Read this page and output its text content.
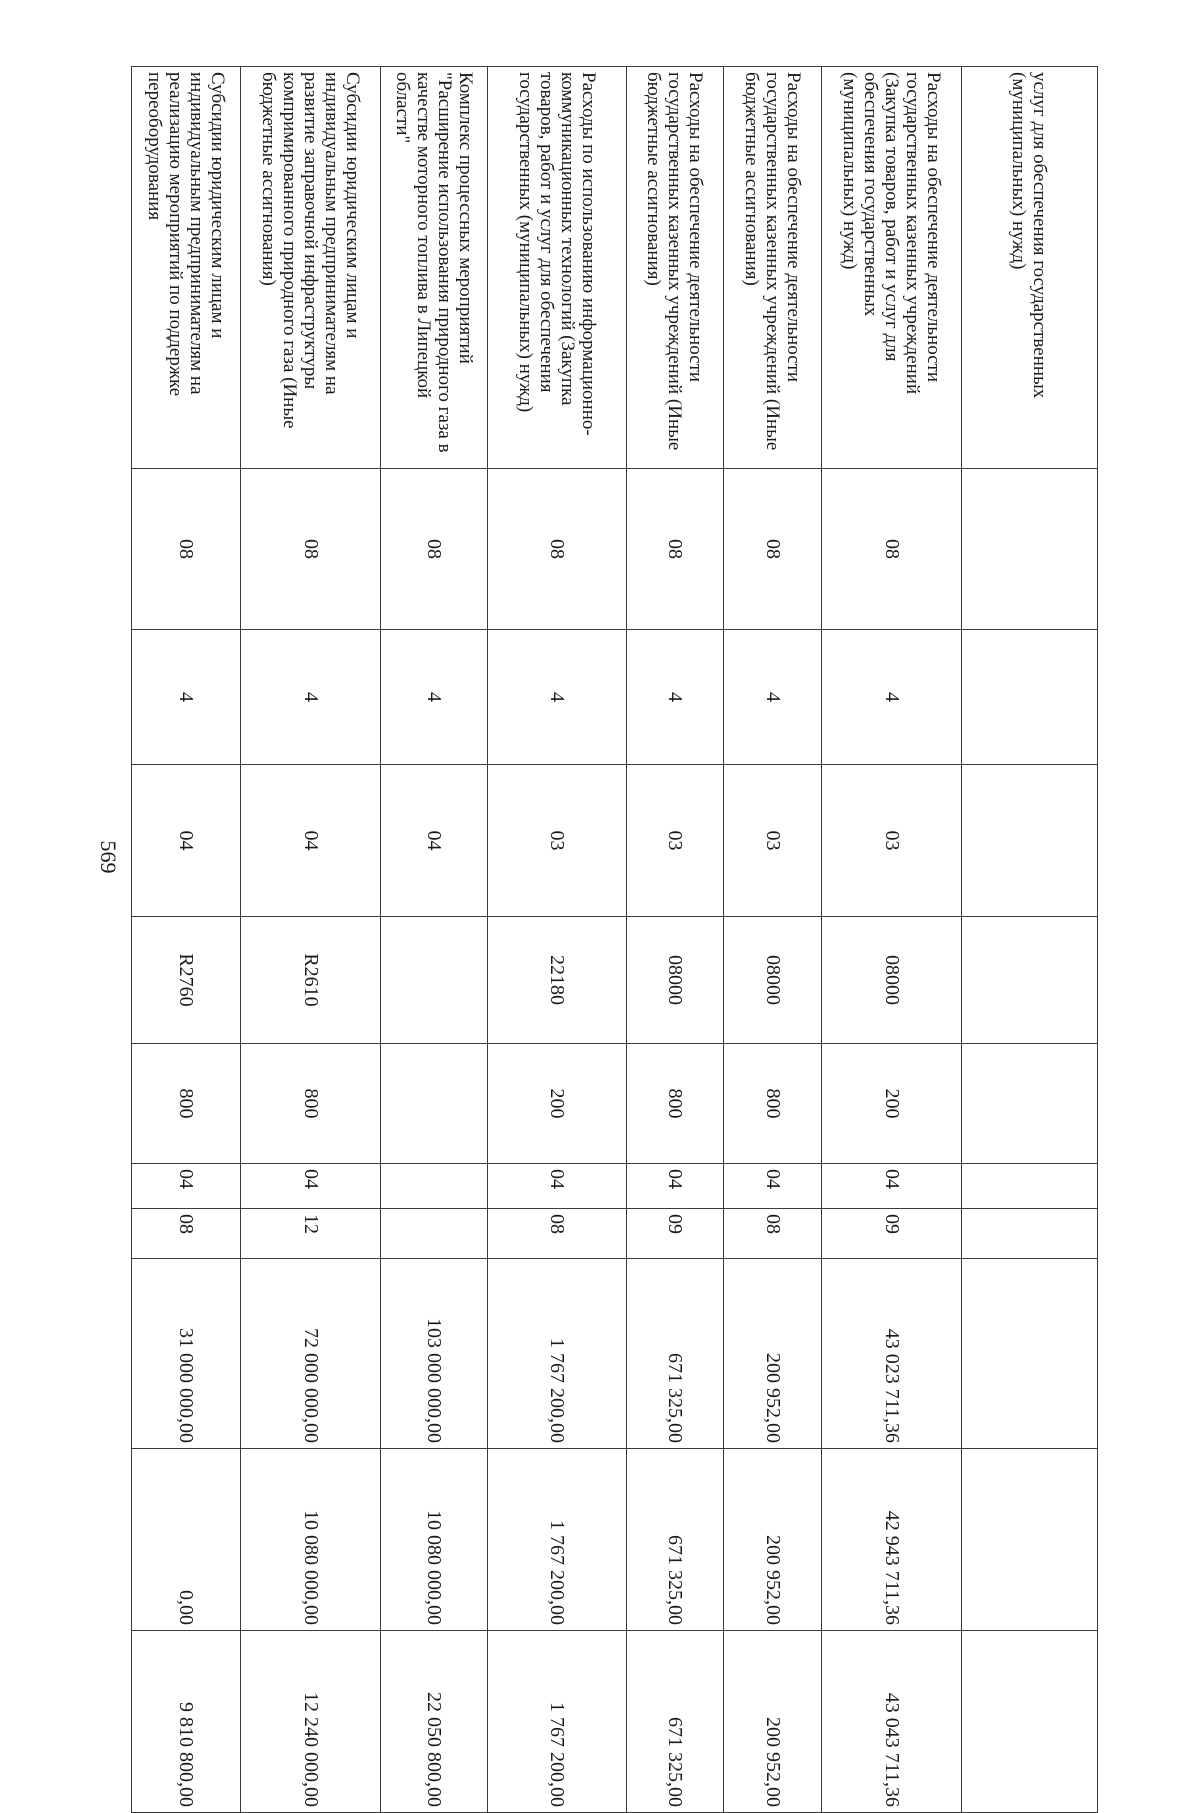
569
услуг для обеспечения государственных (муниципальных) нужд)										
Расходы на обеспечение деятельности государственных казенных учреждений (Закупка товаров, работ и услуг для обеспечения государственных (муниципальных) нужд)	08	4	03	08000	200	04	09	43 023 711,36	42 943 711,36	43 043 711,36
Расходы на обеспечение деятельности государственных казенных учреждений (Иные бюджетные ассигнования)	08	4	03	08000	800	04	08	200 952,00	200 952,00	200 952,00
Расходы на обеспечение деятельности государственных казенных учреждений (Иные бюджетные ассигнования)	08	4	03	08000	800	04	09	671 325,00	671 325,00	671 325,00
Расходы по использованию информационно-коммуникационных технологий (Закупка товаров, работ и услуг для обеспечения государственных (муниципальных) нужд)	08	4	03	22180	200	04	08	1 767 200,00	1 767 200,00	1 767 200,00
Комплекс процессных мероприятий "Расширение использования природного газа в качестве моторного топлива в Липецкой области"	08	4	04					103 000 000,00	10 080 000,00	22 050 800,00
Субсидии юридическим лицам и индивидуальным предпринимателям на развитие заправочной инфраструктуры компримированного природного газа (Иные бюджетные ассигнования)	08	4	04	R2610	800	04	12	72 000 000,00	10 080 000,00	12 240 000,00
Субсидии юридическим лицам и индивидуальным предпринимателям на реализацию мероприятий по поддержке переоборудования	08	4	04	R2760	800	04	08	31 000 000,00	0,00	9 810 800,00
